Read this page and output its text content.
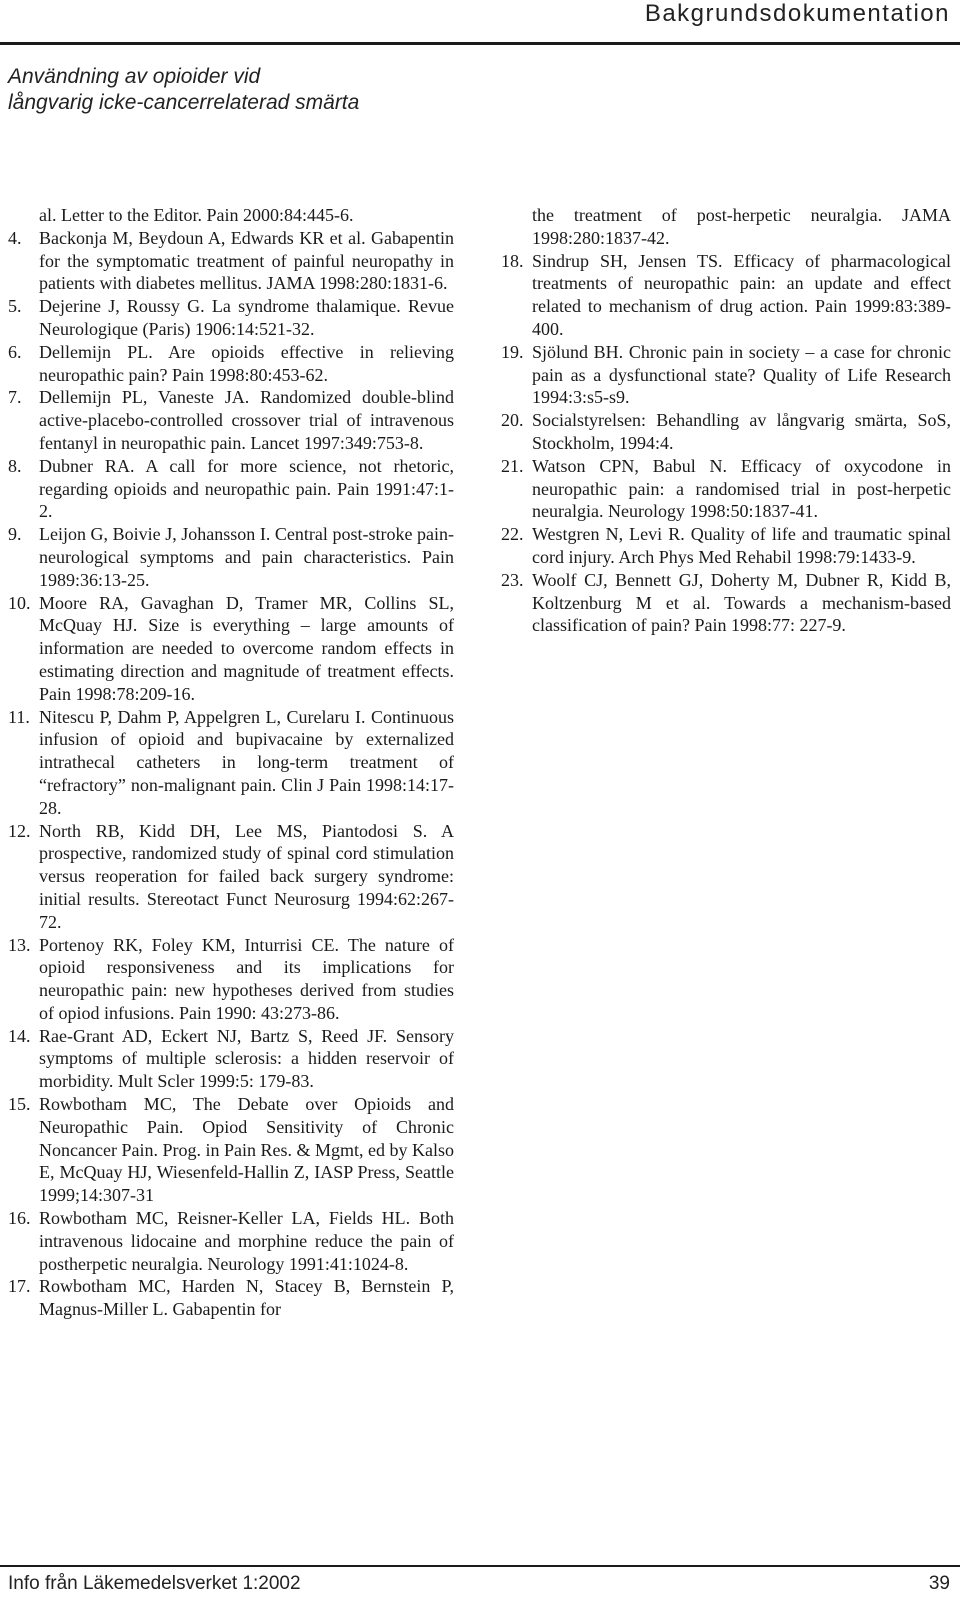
Bakgrundsdokumentation
Användning av opioider vid
långvarig icke-cancerrelaterad smärta
al. Letter to the Editor. Pain 2000:84:445-6.
4. Backonja M, Beydoun A, Edwards KR et al. Gabapentin for the symptomatic treatment of painful neuropathy in patients with diabetes mellitus. JAMA 1998:280:1831-6.
5. Dejerine J, Roussy G. La syndrome thalamique. Revue Neurologique (Paris) 1906:14:521-32.
6. Dellemijn PL. Are opioids effective in relieving neuropathic pain? Pain 1998:80:453-62.
7. Dellemijn PL, Vaneste JA. Randomized double-blind active-placebo-controlled crossover trial of intravenous fentanyl in neuropathic pain. Lancet 1997:349:753-8.
8. Dubner RA. A call for more science, not rhetoric, regarding opioids and neuropathic pain. Pain 1991:47:1-2.
9. Leijon G, Boivie J, Johansson I. Central post-stroke pain-neurological symptoms and pain characteristics. Pain 1989:36:13-25.
10. Moore RA, Gavaghan D, Tramer MR, Collins SL, McQuay HJ. Size is everything – large amounts of information are needed to overcome random effects in estimating direction and magnitude of treatment effects. Pain 1998:78:209-16.
11. Nitescu P, Dahm P, Appelgren L, Curelaru I. Continuous infusion of opioid and bupivacaine by externalized intrathecal catheters in long-term treatment of “refractory” non-malignant pain. Clin J Pain 1998:14:17-28.
12. North RB, Kidd DH, Lee MS, Piantodosi S. A prospective, randomized study of spinal cord stimulation versus reoperation for failed back surgery syndrome: initial results. Stereotact Funct Neurosurg 1994:62:267-72.
13. Portenoy RK, Foley KM, Inturrisi CE. The nature of opioid responsiveness and its implications for neuropathic pain: new hypotheses derived from studies of opiod infusions. Pain 1990: 43:273-86.
14. Rae-Grant AD, Eckert NJ, Bartz S, Reed JF. Sensory symptoms of multiple sclerosis: a hidden reservoir of morbidity. Mult Scler 1999:5: 179-83.
15. Rowbotham MC, The Debate over Opioids and Neuropathic Pain. Opiod Sensitivity of Chronic Noncancer Pain. Prog. in Pain Res. & Mgmt, ed by Kalso E, McQuay HJ, Wiesenfeld-Hallin Z, IASP Press, Seattle 1999;14:307-31
16. Rowbotham MC, Reisner-Keller LA, Fields HL. Both intravenous lidocaine and morphine reduce the pain of postherpetic neuralgia. Neurology 1991:41:1024-8.
17. Rowbotham MC, Harden N, Stacey B, Bernstein P, Magnus-Miller L. Gabapentin for
the treatment of post-herpetic neuralgia. JAMA 1998:280:1837-42.
18. Sindrup SH, Jensen TS. Efficacy of pharmacological treatments of neuropathic pain: an update and effect related to mechanism of drug action. Pain 1999:83:389-400.
19. Sjölund BH. Chronic pain in society – a case for chronic pain as a dysfunctional state? Quality of Life Research 1994:3:s5-s9.
20. Socialstyrelsen: Behandling av långvarig smärta, SoS, Stockholm, 1994:4.
21. Watson CPN, Babul N. Efficacy of oxycodone in neuropathic pain: a randomised trial in post-herpetic neuralgia. Neurology 1998:50:1837-41.
22. Westgren N, Levi R. Quality of life and traumatic spinal cord injury. Arch Phys Med Rehabil 1998:79:1433-9.
23. Woolf CJ, Bennett GJ, Doherty M, Dubner R, Kidd B, Koltzenburg M et al. Towards a mechanism-based classification of pain? Pain 1998:77: 227-9.
Info från Läkemedelsverket 1:2002	39
